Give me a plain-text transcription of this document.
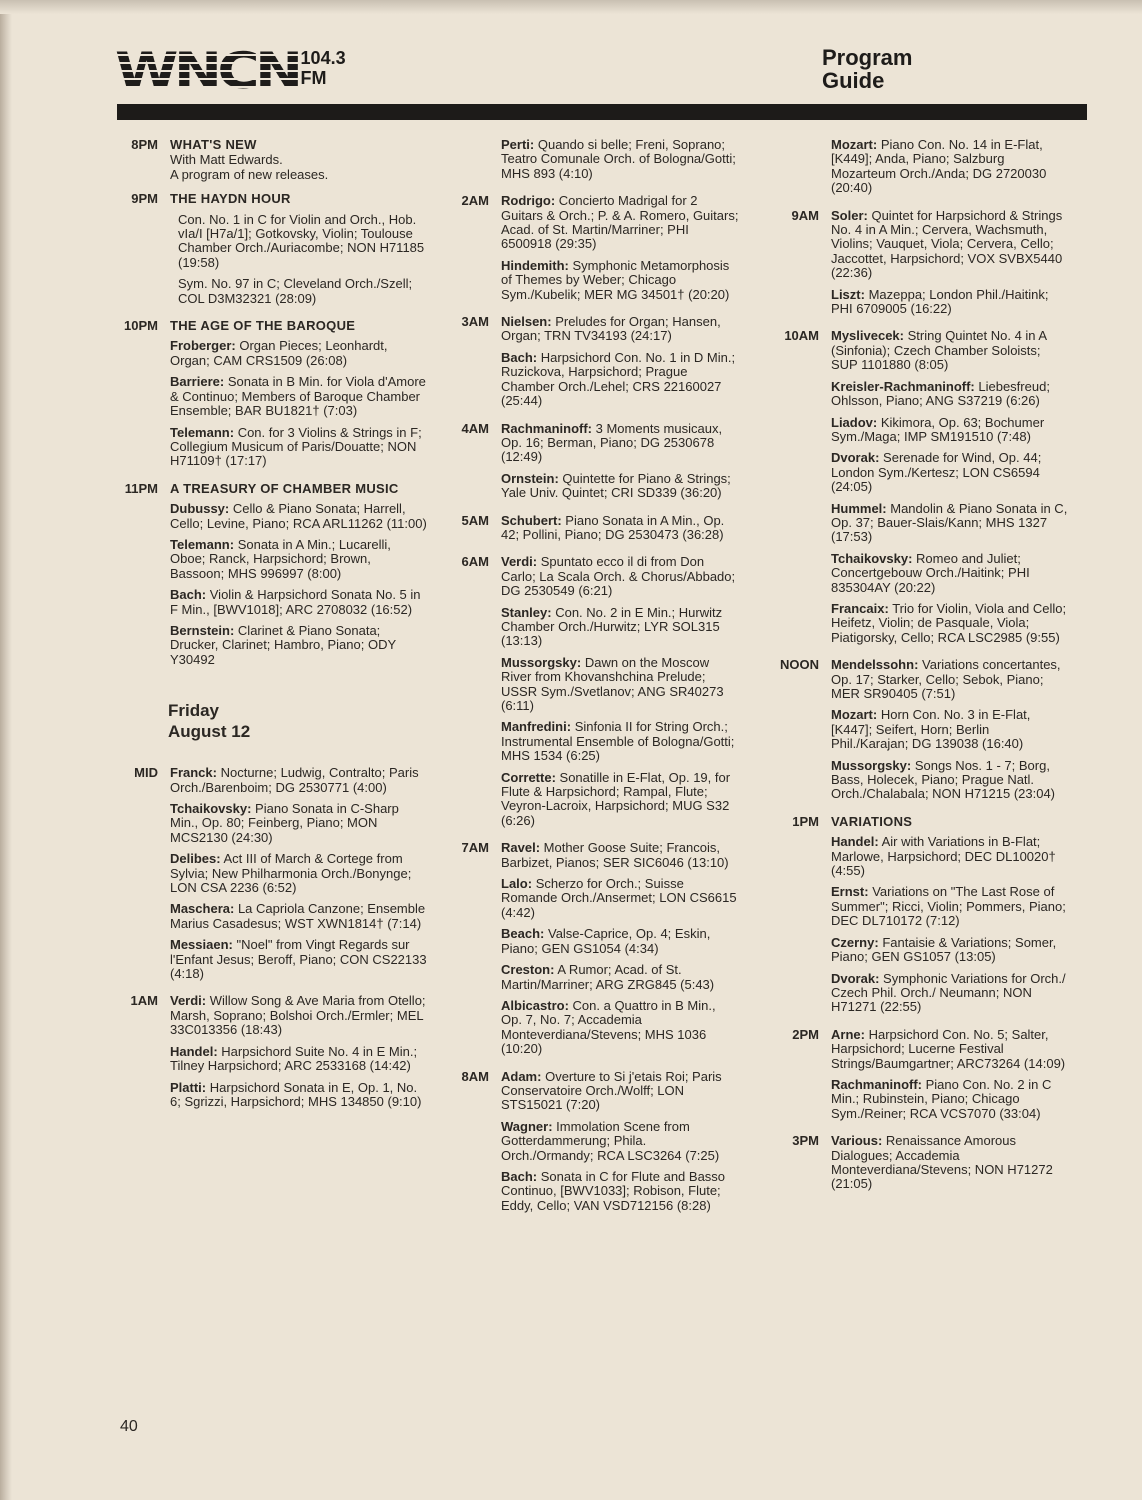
WNCN 104.3
FM
Program
Guide
8PM WHAT'S NEW

With Matt Edwards.

A program of new releases.

9PM THE HAYDN HOUR

Con. No. 1 in C for Violin and Orch., Hob. vIa/I [H7a/1]; Gotkovsky, Violin; Toulouse Chamber Orch./Auriacombe; NON H71185 (19:58)

Sym. No. 97 in C; Cleveland Orch./Szell; COL D3M32321 (28:09)

10PM THE AGE OF THE BAROQUE

Froberger: Organ Pieces; Leonhardt, Organ; CAM CRS1509 (26:08)

Barriere: Sonata in B Min. for Viola d'Amore & Continuo; Members of Baroque Chamber Ensemble; BAR BU1821† (7:03)

Telemann: Con. for 3 Violins & Strings in F; Collegium Musicum of Paris/Douatte; NON H71109† (17:17)

11PM A TREASURY OF CHAMBER MUSIC

Dubussy: Cello & Piano Sonata; Harrell, Cello; Levine, Piano; RCA ARL11262 (11:00)

Telemann: Sonata in A Min.; Lucarelli, Oboe; Ranck, Harpsichord; Brown, Bassoon; MHS 996997 (8:00)

Bach: Violin & Harpsichord Sonata No. 5 in F Min., [BWV1018]; ARC 2708032 (16:52)

Bernstein: Clarinet & Piano Sonata; Drucker, Clarinet; Hambro, Piano; ODY Y30492

Friday
August 12
MID Franck: Nocturne; Ludwig, Contralto; Paris Orch./Barenboim; DG 2530771 (4:00)

Tchaikovsky: Piano Sonata in C-Sharp Min., Op. 80; Feinberg, Piano; MON MCS2130 (24:30)

Delibes: Act III of March & Cortege from Sylvia; New Philharmonia Orch./Bonynge; LON CSA 2236 (6:52)

Maschera: La Capriola Canzone; Ensemble Marius Casadesus; WST XWN1814† (7:14)

Messiaen: "Noel" from Vingt Regards sur l'Enfant Jesus; Beroff, Piano; CON CS22133 (4:18)

1AM Verdi: Willow Song & Ave Maria from Otello; Marsh, Soprano; Bolshoi Orch./Ermler; MEL 33C013356 (18:43)

Handel: Harpsichord Suite No. 4 in E Min.; Tilney Harpsichord; ARC 2533168 (14:42)

Platti: Harpsichord Sonata in E, Op. 1, No. 6; Sgrizzi, Harpsichord; MHS 134850 (9:10)

Perti: Quando si belle; Freni, Soprano; Teatro Comunale Orch. of Bologna/Gotti; MHS 893 (4:10)

2AM Rodrigo: Concierto Madrigal for 2 Guitars & Orch.; P. & A. Romero, Guitars; Acad. of St. Martin/Marriner; PHI 6500918 (29:35)

Hindemith: Symphonic Metamorphosis of Themes by Weber; Chicago Sym./Kubelik; MER MG 34501† (20:20)

3AM Nielsen: Preludes for Organ; Hansen, Organ; TRN TV34193 (24:17)

Bach: Harpsichord Con. No. 1 in D Min.; Ruzickova, Harpsichord; Prague Chamber Orch./Lehel; CRS 22160027 (25:44)

4AM Rachmaninoff: 3 Moments musicaux, Op. 16; Berman, Piano; DG 2530678 (12:49)

Ornstein: Quintette for Piano & Strings; Yale Univ. Quintet; CRI SD339 (36:20)

5AM Schubert: Piano Sonata in A Min., Op. 42; Pollini, Piano; DG 2530473 (36:28)

6AM Verdi: Spuntato ecco il di from Don Carlo; La Scala Orch. & Chorus/Abbado; DG 2530549 (6:21)

Stanley: Con. No. 2 in E Min.; Hurwitz Chamber Orch./Hurwitz; LYR SOL315 (13:13)

Mussorgsky: Dawn on the Moscow River from Khovanshchina Prelude; USSR Sym./Svetlanov; ANG SR40273 (6:11)

Manfredini: Sinfonia II for String Orch.; Instrumental Ensemble of Bologna/Gotti; MHS 1534 (6:25)

Corrette: Sonatille in E-Flat, Op. 19, for Flute & Harpsichord; Rampal, Flute; Veyron-Lacroix, Harpsichord; MUG S32 (6:26)

7AM Ravel: Mother Goose Suite; Francois, Barbizet, Pianos; SER SIC6046 (13:10)

Lalo: Scherzo for Orch.; Suisse Romande Orch./Ansermet; LON CS6615 (4:42)

Beach: Valse-Caprice, Op. 4; Eskin, Piano; GEN GS1054 (4:34)

Creston: A Rumor; Acad. of St. Martin/Marriner; ARG ZRG845 (5:43)

Albicastro: Con. a Quattro in B Min., Op. 7, No. 7; Accademia Monteverdiana/Stevens; MHS 1036 (10:20)

8AM Adam: Overture to Si j'etais Roi; Paris Conservatoire Orch./Wolff; LON STS15021 (7:20)

Wagner: Immolation Scene from Gotterdammerung; Phila. Orch./Ormandy; RCA LSC3264 (7:25)

Bach: Sonata in C for Flute and Basso Continuo, [BWV1033]; Robison, Flute; Eddy, Cello; VAN VSD712156 (8:28)

Mozart: Piano Con. No. 14 in E-Flat, [K449]; Anda, Piano; Salzburg Mozarteum Orch./Anda; DG 2720030 (20:40)

9AM Soler: Quintet for Harpsichord & Strings No. 4 in A Min.; Cervera, Wachsmuth, Violins; Vauquet, Viola; Cervera, Cello; Jaccottet, Harpsichord; VOX SVBX5440 (22:36)

Liszt: Mazeppa; London Phil./Haitink; PHI 6709005 (16:22)

10AM Myslivecek: String Quintet No. 4 in A (Sinfonia); Czech Chamber Soloists; SUP 1101880 (8:05)

Kreisler-Rachmaninoff: Liebesfreud; Ohlsson, Piano; ANG S37219 (6:26)

Liadov: Kikimora, Op. 63; Bochumer Sym./Maga; IMP SM191510 (7:48)

Dvorak: Serenade for Wind, Op. 44; London Sym./Kertesz; LON CS6594 (24:05)

Hummel: Mandolin & Piano Sonata in C, Op. 37; Bauer-Slais/Kann; MHS 1327 (17:53)

Tchaikovsky: Romeo and Juliet; Concertgebouw Orch./Haitink; PHI 835304AY (20:22)

Francaix: Trio for Violin, Viola and Cello; Heifetz, Violin; de Pasquale, Viola; Piatigorsky, Cello; RCA LSC2985 (9:55)

NOON Mendelssohn: Variations concertantes, Op. 17; Starker, Cello; Sebok, Piano; MER SR90405 (7:51)

Mozart: Horn Con. No. 3 in E-Flat, [K447]; Seifert, Horn; Berlin Phil./Karajan; DG 139038 (16:40)

Mussorgsky: Songs Nos. 1 - 7; Borg, Bass, Holecek, Piano; Prague Natl. Orch./Chalabala; NON H71215 (23:04)

1PM VARIATIONS

Handel: Air with Variations in B-Flat; Marlowe, Harpsichord; DEC DL10020† (4:55)

Ernst: Variations on "The Last Rose of Summer"; Ricci, Violin; Pommers, Piano; DEC DL710172 (7:12)

Czerny: Fantaisie & Variations; Somer, Piano; GEN GS1057 (13:05)

Dvorak: Symphonic Variations for Orch./ Czech Phil. Orch./ Neumann; NON H71271 (22:55)

2PM Arne: Harpsichord Con. No. 5; Salter, Harpsichord; Lucerne Festival Strings/Baumgartner; ARC73264 (14:09)

Rachmaninoff: Piano Con. No. 2 in C Min.; Rubinstein, Piano; Chicago Sym./Reiner; RCA VCS7070 (33:04)

3PM Various: Renaissance Amorous Dialogues; Accademia Monteverdiana/Stevens; NON H71272 (21:05)

40
